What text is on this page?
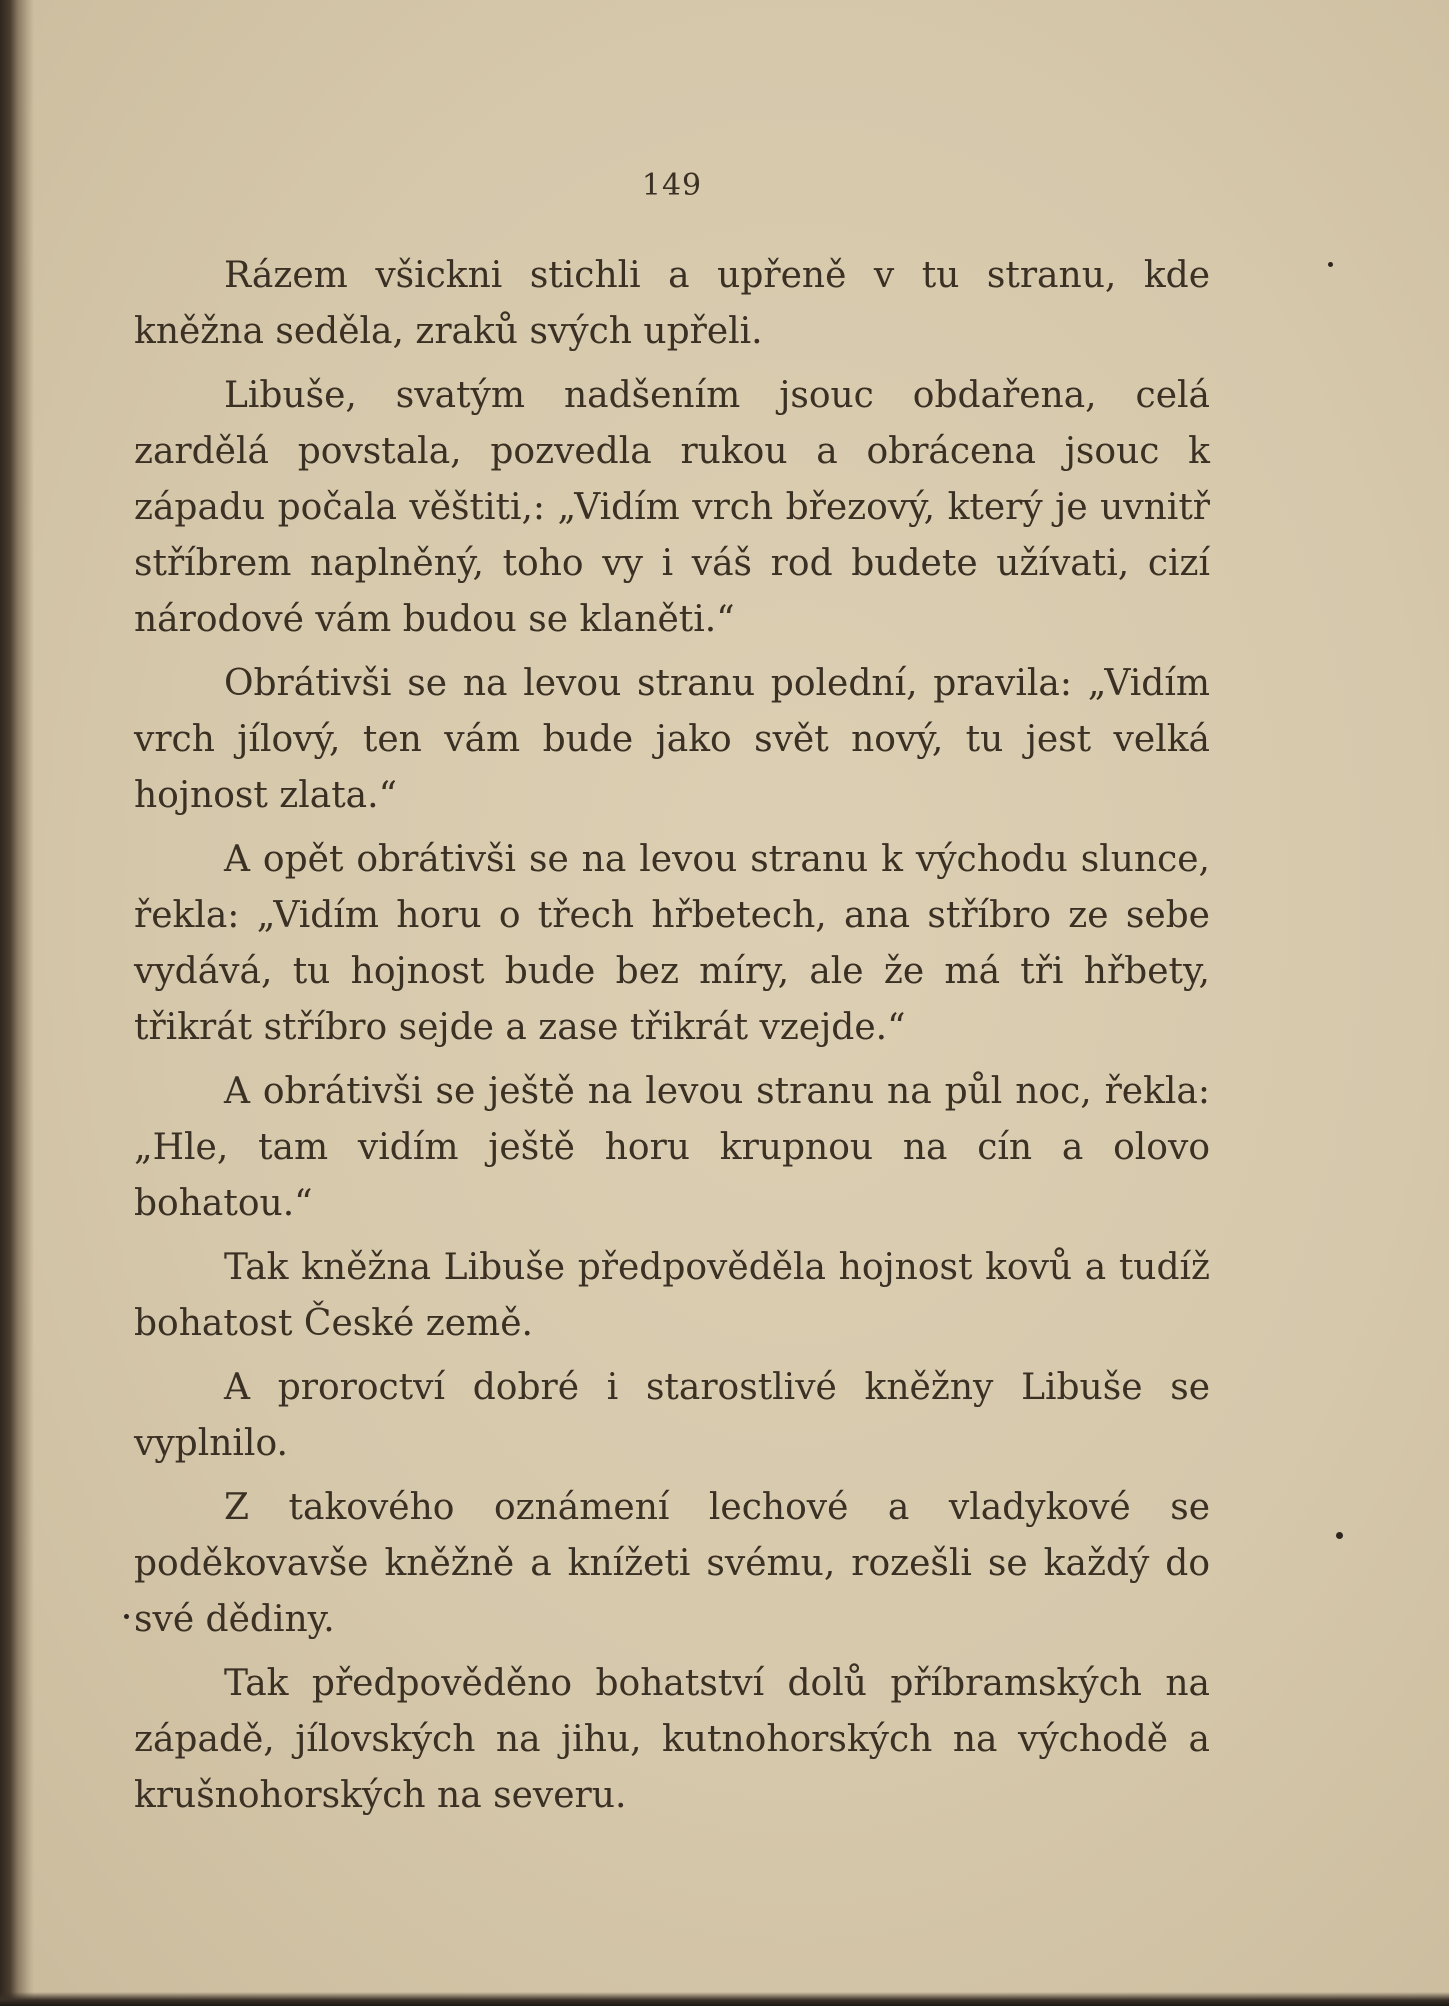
149

Rázem všickni stichli a upřeně v tu stranu, kde kněžna seděla, zraků svých upřeli.

Libuše, svatým nadšením jsouc obdařena, celá zardělá povstala, pozvedla rukou a obrácena jsouc k západu počala věštiti,: „Vidím vrch březový, který je uvnitř stříbrem naplněný, toho vy i váš rod budete užívati, cizí národové vám budou se klaněti.“

Obrátivši se na levou stranu polední, pravila: „Vidím vrch jílový, ten vám bude jako svět nový, tu jest velká hojnost zlata.“

A opět obrátivši se na levou stranu k východu slunce, řekla: „Vidím horu o třech hřbetech, ana stříbro ze sebe vydává, tu hojnost bude bez míry, ale že má tři hřbety, třikrát stříbro sejde a zase třikrát vzejde.“

A obrátivši se ještě na levou stranu na půl noc, řekla: „Hle, tam vidím ještě horu krupnou na cín a olovo bohatou.“

Tak kněžna Libuše předpověděla hojnost kovů a tudíž bohatost České země.

A proroctví dobré i starostlivé kněžny Libuše se vyplnilo.

Z takového oznámení lechové a vladykové se poděkovavše kněžně a knížeti svému, rozešli se každý do své dědiny.

Tak předpověděno bohatství dolů příbramských na západě, jílovských na jihu, kutnohorských na východě a krušnohorských na severu.
